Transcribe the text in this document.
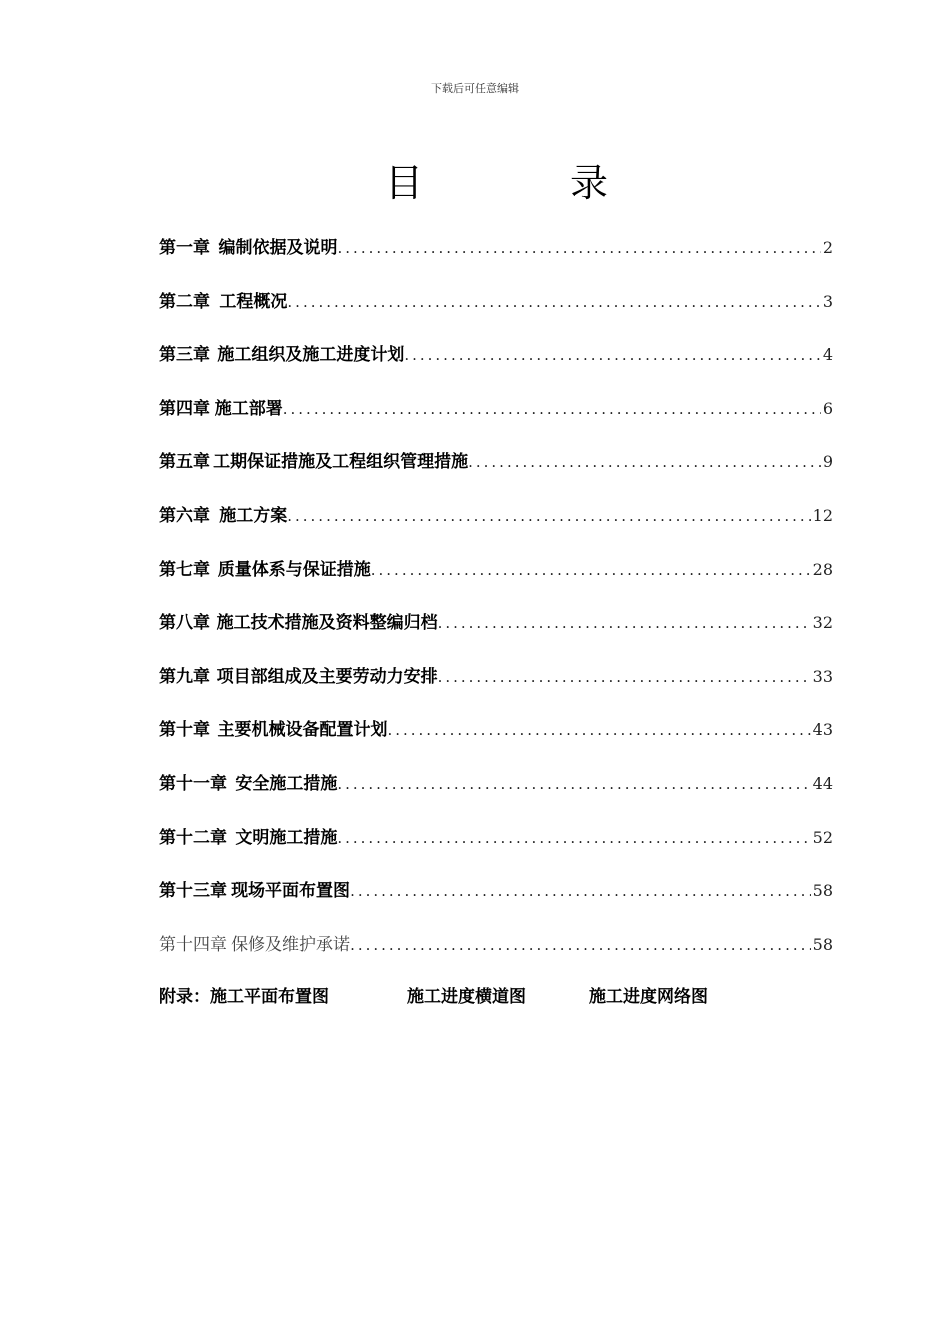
下载后可任意编辑
目	录
第一章 编制依据及说明 .....	2
第二章 工程概况 .....	3
第三章 施工组织及施工进度计划 .....	4
第四章 施工部署 .....	6
第五章 工期保证措施及工程组织管理措施 .....	9
第六章 施工方案 .....	12
第七章 质量体系与保证措施 .....	28
第八章 施工技术措施及资料整编归档 .....	32
第九章 项目部组成及主要劳动力安排 .....	33
第十章 主要机械设备配置计划 .....	43
第十一章 安全施工措施 .....	44
第十二章 文明施工措施 .....	52
第十三章 现场平面布置图 .....	58
第十四章 保修及维护承诺 .....	58
附录：施工平面布置图	施工进度横道图	施工进度网络图
